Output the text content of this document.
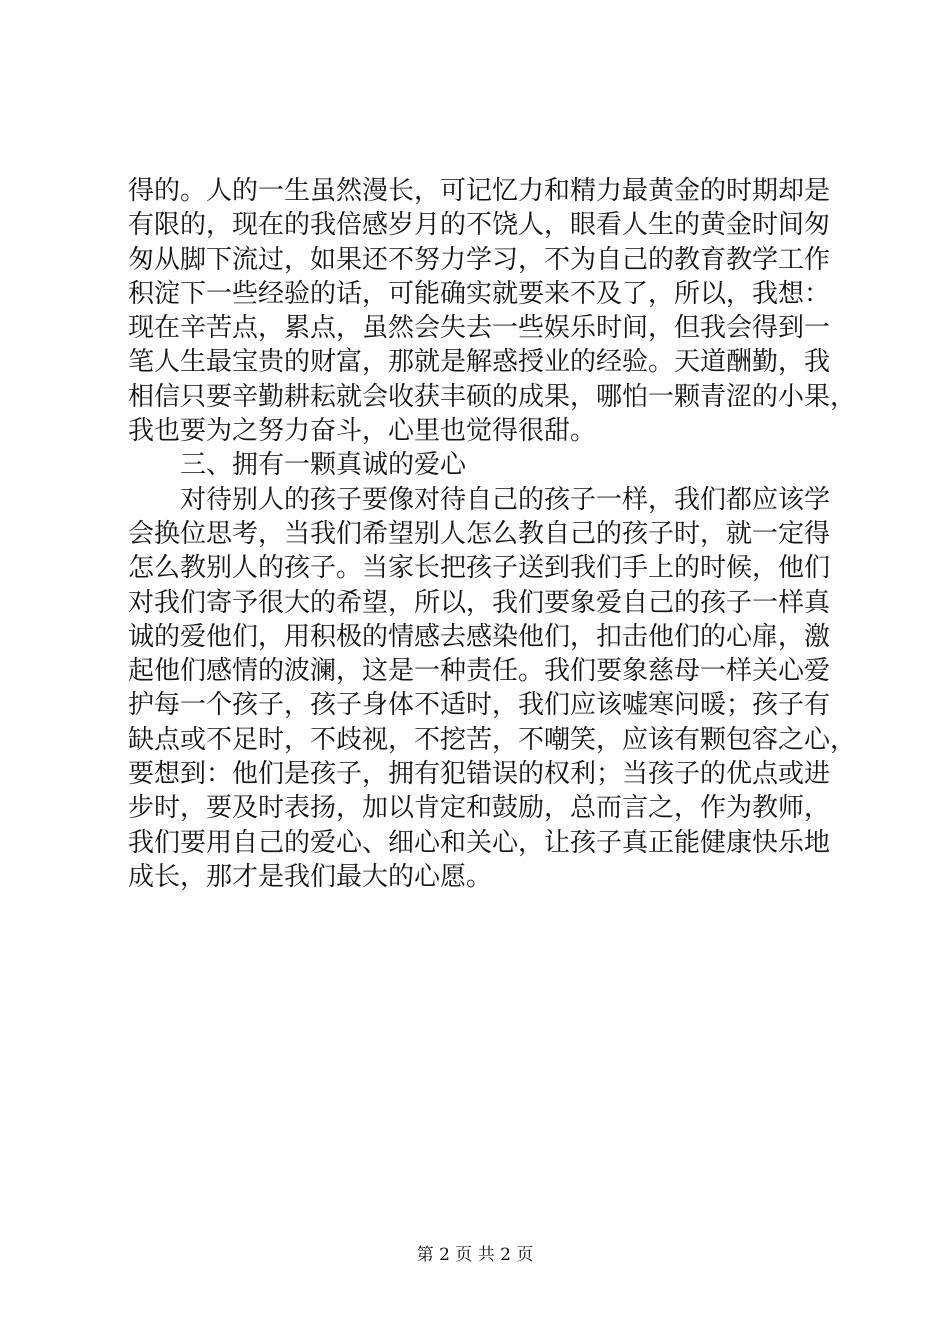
得的。人的一生虽然漫长，可记忆力和精力最黄金的时期却是
有限的，现在的我倍感岁月的不饶人，眼看人生的黄金时间匆
匆从脚下流过，如果还不努力学习，不为自己的教育教学工作
积淀下一些经验的话，可能确实就要来不及了，所以，我想：
现在辛苦点，累点，虽然会失去一些娱乐时间，但我会得到一
笔人生最宝贵的财富，那就是解惑授业的经验。天道酬勤，我
相信只要辛勤耕耘就会收获丰硕的成果，哪怕一颗青涩的小果，
我也要为之努力奋斗，心里也觉得很甜。
三、拥有一颗真诚的爱心
对待别人的孩子要像对待自己的孩子一样，我们都应该学
会换位思考，当我们希望别人怎么教自己的孩子时，就一定得
怎么教别人的孩子。当家长把孩子送到我们手上的时候，他们
对我们寄予很大的希望，所以，我们要象爱自己的孩子一样真
诚的爱他们，用积极的情感去感染他们，扣击他们的心扉，激
起他们感情的波澜，这是一种责任。我们要象慈母一样关心爱
护每一个孩子，孩子身体不适时，我们应该嘘寒问暖；孩子有
缺点或不足时，不歧视，不挖苦，不嘲笑，应该有颗包容之心，
要想到：他们是孩子，拥有犯错误的权利；当孩子的优点或进
步时，要及时表扬，加以肯定和鼓励，总而言之，作为教师，
我们要用自己的爱心、细心和关心，让孩子真正能健康快乐地
成长，那才是我们最大的心愿。
第 2 页 共 2 页
